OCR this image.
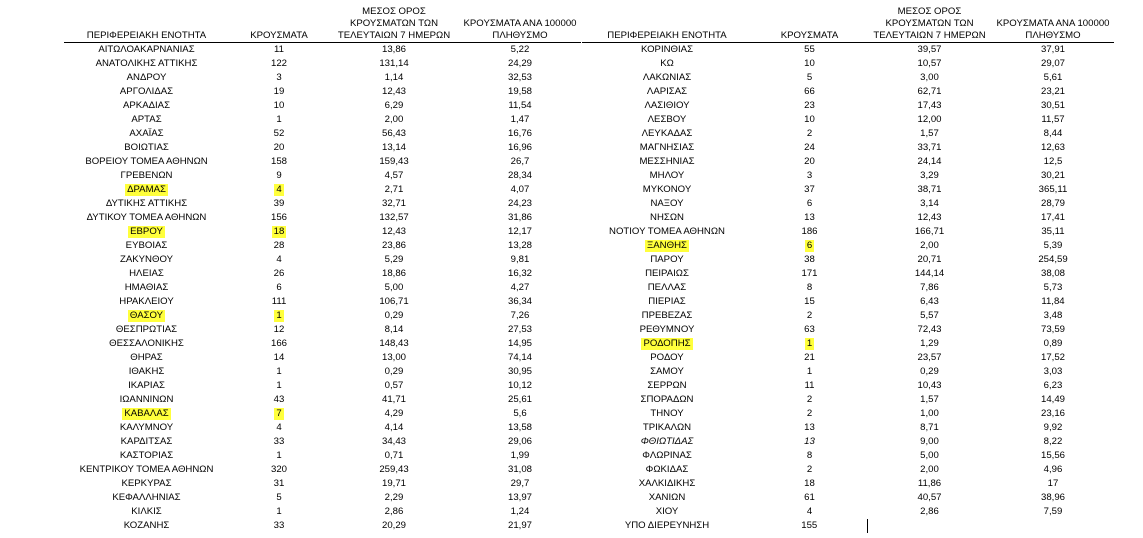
ΠΕΡΙΦΕΡΕΙΑΚΗ ΕΝΟΤΗΤΑ	ΚΡΟΥΣΜΑΤΑ	ΜΕΣΟΣ ΟΡΟΣ
ΚΡΟΥΣΜΑΤΩΝ ΤΩΝ
ΤΕΛΕΥΤΑΙΩΝ 7 ΗΜΕΡΩΝ	ΚΡΟΥΣΜΑΤΑ ΑΝΑ 100000
ΠΛΗΘΥΣΜΟ

ΑΙΤΩΛΟΑΚΑΡΝΑΝΙΑΣ	11	13,86	5,22
ΑΝΑΤΟΛΙΚΗΣ ΑΤΤΙΚΗΣ	122	131,14	24,29
ΑΝΔΡΟΥ	3	1,14	32,53
ΑΡΓΟΛΙΔΑΣ	19	12,43	19,58
ΑΡΚΑΔΙΑΣ	10	6,29	11,54
ΑΡΤΑΣ	1	2,00	1,47
ΑΧΑΪΑΣ	52	56,43	16,76
ΒΟΙΩΤΙΑΣ	20	13,14	16,96
ΒΟΡΕΙΟΥ ΤΟΜΕΑ ΑΘΗΝΩΝ	158	159,43	26,7
ΓΡΕΒΕΝΩΝ	9	4,57	28,34
ΔΡΑΜΑΣ	4	2,71	4,07
ΔΥΤΙΚΗΣ ΑΤΤΙΚΗΣ	39	32,71	24,23
ΔΥΤΙΚΟΥ ΤΟΜΕΑ ΑΘΗΝΩΝ	156	132,57	31,86
ΕΒΡΟΥ	18	12,43	12,17
ΕΥΒΟΙΑΣ	28	23,86	13,28
ΖΑΚΥΝΘΟΥ	4	5,29	9,81
ΗΛΕΙΑΣ	26	18,86	16,32
ΗΜΑΘΙΑΣ	6	5,00	4,27
ΗΡΑΚΛΕΙΟΥ	111	106,71	36,34
ΘΑΣΟΥ	1	0,29	7,26
ΘΕΣΠΡΩΤΙΑΣ	12	8,14	27,53
ΘΕΣΣΑΛΟΝΙΚΗΣ	166	148,43	14,95
ΘΗΡΑΣ	14	13,00	74,14
ΙΘΑΚΗΣ	1	0,29	30,95
ΙΚΑΡΙΑΣ	1	0,57	10,12
ΙΩΑΝΝΙΝΩΝ	43	41,71	25,61
ΚΑΒΑΛΑΣ	7	4,29	5,6
ΚΑΛΥΜΝΟΥ	4	4,14	13,58
ΚΑΡΔΙΤΣΑΣ	33	34,43	29,06
ΚΑΣΤΟΡΙΑΣ	1	0,71	1,99
ΚΕΝΤΡΙΚΟΥ ΤΟΜΕΑ ΑΘΗΝΩΝ	320	259,43	31,08
ΚΕΡΚΥΡΑΣ	31	19,71	29,7
ΚΕΦΑΛΛΗΝΙΑΣ	5	2,29	13,97
ΚΙΛΚΙΣ	1	2,86	1,24
ΚΟΖΑΝΗΣ	33	20,29	21,97
ΠΕΡΙΦΕΡΕΙΑΚΗ ΕΝΟΤΗΤΑ	ΚΡΟΥΣΜΑΤΑ	ΜΕΣΟΣ ΟΡΟΣ
ΚΡΟΥΣΜΑΤΩΝ ΤΩΝ
ΤΕΛΕΥΤΑΙΩΝ 7 ΗΜΕΡΩΝ	ΚΡΟΥΣΜΑΤΑ ΑΝΑ 100000
ΠΛΗΘΥΣΜΟ

ΚΟΡΙΝΘΙΑΣ	55	39,57	37,91
ΚΩ	10	10,57	29,07
ΛΑΚΩΝΙΑΣ	5	3,00	5,61
ΛΑΡΙΣΑΣ	66	62,71	23,21
ΛΑΣΙΘΙΟΥ	23	17,43	30,51
ΛΕΣΒΟΥ	10	12,00	11,57
ΛΕΥΚΑΔΑΣ	2	1,57	8,44
ΜΑΓΝΗΣΙΑΣ	24	33,71	12,63
ΜΕΣΣΗΝΙΑΣ	20	24,14	12,5
ΜΗΛΟΥ	3	3,29	30,21
ΜΥΚΟΝΟΥ	37	38,71	365,11
ΝΑΞΟΥ	6	3,14	28,79
ΝΗΣΩΝ	13	12,43	17,41
ΝΟΤΙΟΥ ΤΟΜΕΑ ΑΘΗΝΩΝ	186	166,71	35,11
ΞΑΝΘΗΣ	6	2,00	5,39
ΠΑΡΟΥ	38	20,71	254,59
ΠΕΙΡΑΙΩΣ	171	144,14	38,08
ΠΕΛΛΑΣ	8	7,86	5,73
ΠΙΕΡΙΑΣ	15	6,43	11,84
ΠΡΕΒΕΖΑΣ	2	5,57	3,48
ΡΕΘΥΜΝΟΥ	63	72,43	73,59
ΡΟΔΟΠΗΣ	1	1,29	0,89
ΡΟΔΟΥ	21	23,57	17,52
ΣΑΜΟΥ	1	0,29	3,03
ΣΕΡΡΩΝ	11	10,43	6,23
ΣΠΟΡΑΔΩΝ	2	1,57	14,49
ΤΗΝΟΥ	2	1,00	23,16
ΤΡΙΚΑΛΩΝ	13	8,71	9,92
ΦΘΙΩΤΙΔΑΣ	13	9,00	8,22
ΦΛΩΡΙΝΑΣ	8	5,00	15,56
ΦΩΚΙΔΑΣ	2	2,00	4,96
ΧΑΛΚΙΔΙΚΗΣ	18	11,86	17
ΧΑΝΙΩΝ	61	40,57	38,96
ΧΙΟΥ	4	2,86	7,59
ΥΠΟ ΔΙΕΡΕΥΝΗΣΗ	155		
